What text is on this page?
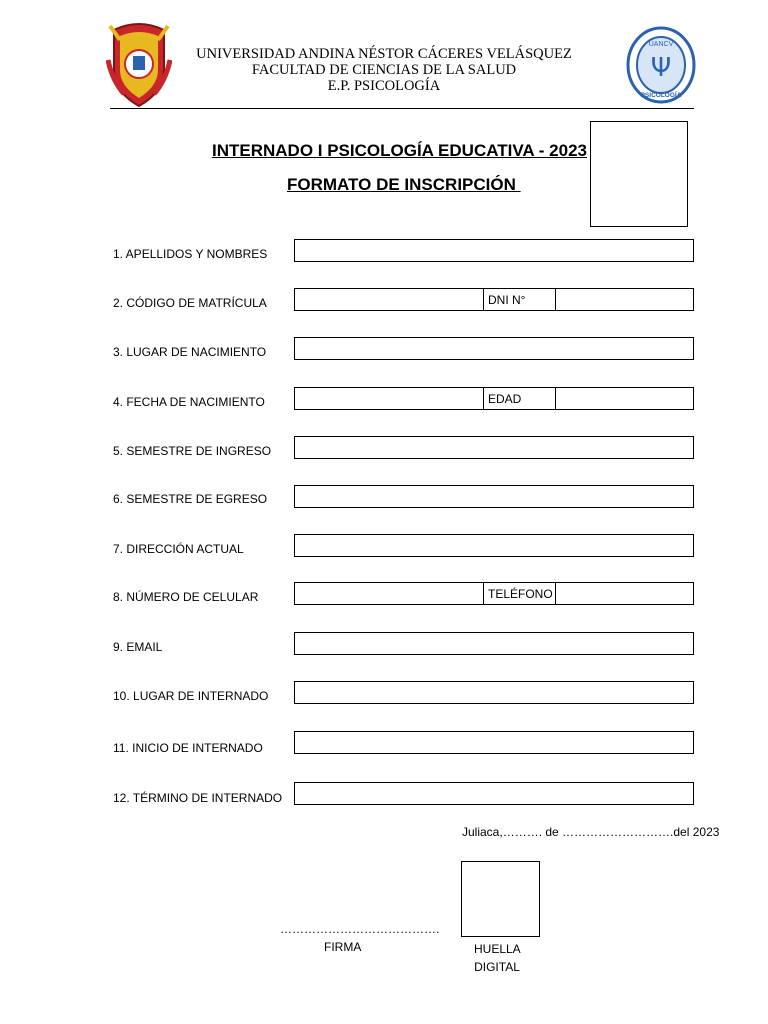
UNIVERSIDAD ANDINA NÉSTOR CÁCERES VELÁSQUEZ
FACULTAD DE CIENCIAS DE LA SALUD
E.P. PSICOLOGÍA
UANCV
Ψ
PSICOLOGÍA
INTERNADO I PSICOLOGÍA EDUCATIVA - 2023
FORMATO DE INSCRIPCIÓN
1. APELLIDOS Y NOMBRES
2. CÓDIGO DE MATRÍCULA	DNI N°
3. LUGAR DE NACIMIENTO
4. FECHA DE NACIMIENTO	EDAD
5. SEMESTRE DE INGRESO
6. SEMESTRE DE EGRESO
7. DIRECCIÓN ACTUAL
8. NÚMERO DE CELULAR	TELÉFONO
9. EMAIL
10. LUGAR DE INTERNADO
11. INICIO DE INTERNADO
12. TÉRMINO DE INTERNADO
Juliaca,………. de ……………………….del 2023
………………………………….
FIRMA	HUELLA
DIGITAL
